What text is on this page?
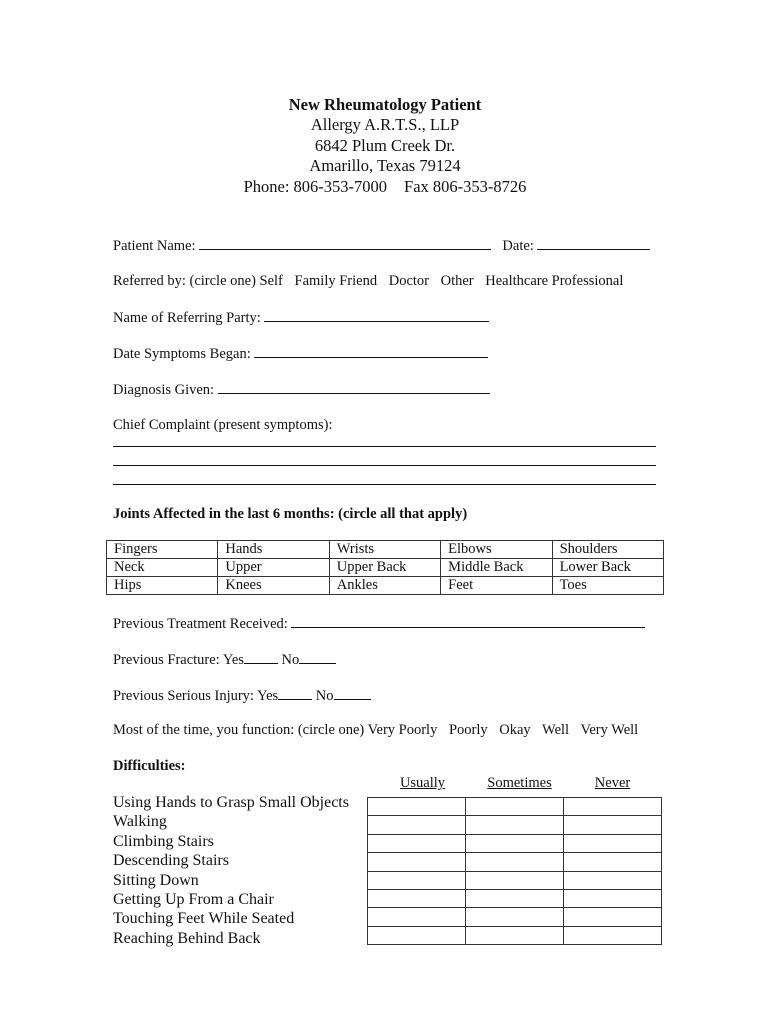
New Rheumatology Patient
Allergy A.R.T.S., LLP
6842 Plum Creek Dr.
Amarillo, Texas 79124
Phone: 806-353-7000 Fax 806-353-8726
Patient Name:	Date:
Referred by: (circle one) Self Family Friend Doctor Other Healthcare Professional
Name of Referring Party:
Date Symptoms Began:
Diagnosis Given:
Chief Complaint (present symptoms):
Joints Affected in the last 6 months: (circle all that apply)
Fingers	Hands	Wrists	Elbows	Shoulders
Neck	Upper	Upper Back	Middle Back	Lower Back
Hips	Knees	Ankles	Feet	Toes
Previous Treatment Received:
Previous Fracture: Yes	No
Previous Serious Injury: Yes	No
Most of the time, you function: (circle one) Very Poorly Poorly Okay Well Very Well
Difficulties:
Usually	Sometimes	Never
Using Hands to Grasp Small Objects
Walking
Climbing Stairs
Descending Stairs
Sitting Down
Getting Up From a Chair
Touching Feet While Seated
Reaching Behind Back
